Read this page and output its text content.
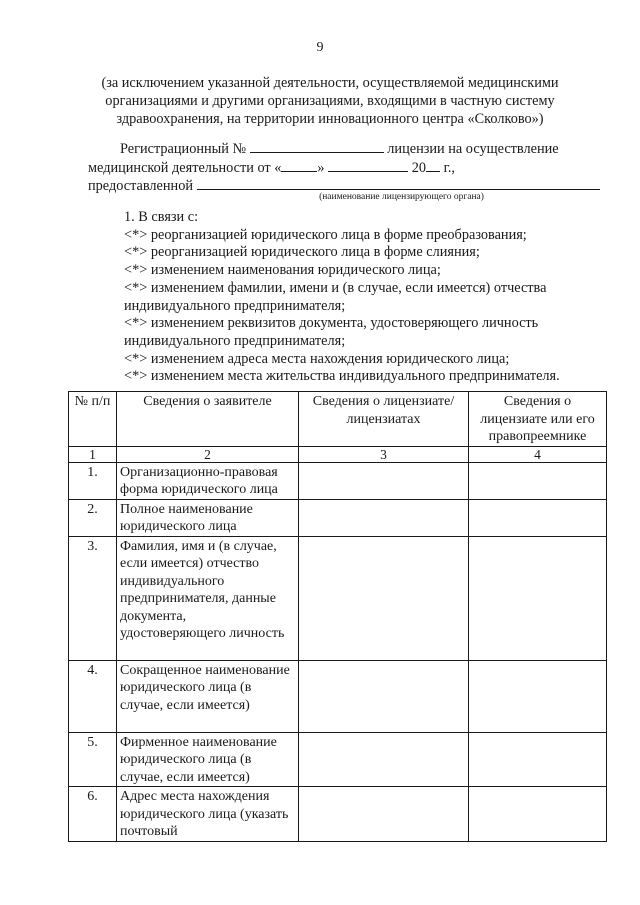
9
(за исключением указанной деятельности, осуществляемой медицинскими
организациями и другими организациями, входящими в частную систему
здравоохранения, на территории инновационного центра «Сколково»)
Регистрационный №	лицензии на осуществление
медицинской деятельности от «	»	20 г.,
предоставленной
(наименование лицензирующего органа)
1. В связи с:
<*> реорганизацией юридического лица в форме преобразования;
<*> реорганизацией юридического лица в форме слияния;
<*> изменением наименования юридического лица;
<*> изменением фамилии, имени и (в случае, если имеется) отчества
индивидуального предпринимателя;
<*> изменением реквизитов документа, удостоверяющего личность
индивидуального предпринимателя;
<*> изменением адреса места нахождения юридического лица;
<*> изменением места жительства индивидуального предпринимателя.
№ п/п	Сведения о заявителе	Сведения о лицензиате/лицензиатах	Сведения о лицензиате или его правопреемнике
1	2	3	4
1.	Организационно-правовая форма юридического лица		
2.	Полное наименование юридического лица		
3.	Фамилия, имя и (в случае, если имеется) отчество индивидуального предпринимателя, данные документа, удостоверяющего личность		
4.	Сокращенное наименование юридического лица (в случае, если имеется)		
5.	Фирменное наименование юридического лица (в случае, если имеется)		
6.	Адрес места нахождения юридического лица (указать почтовый		
